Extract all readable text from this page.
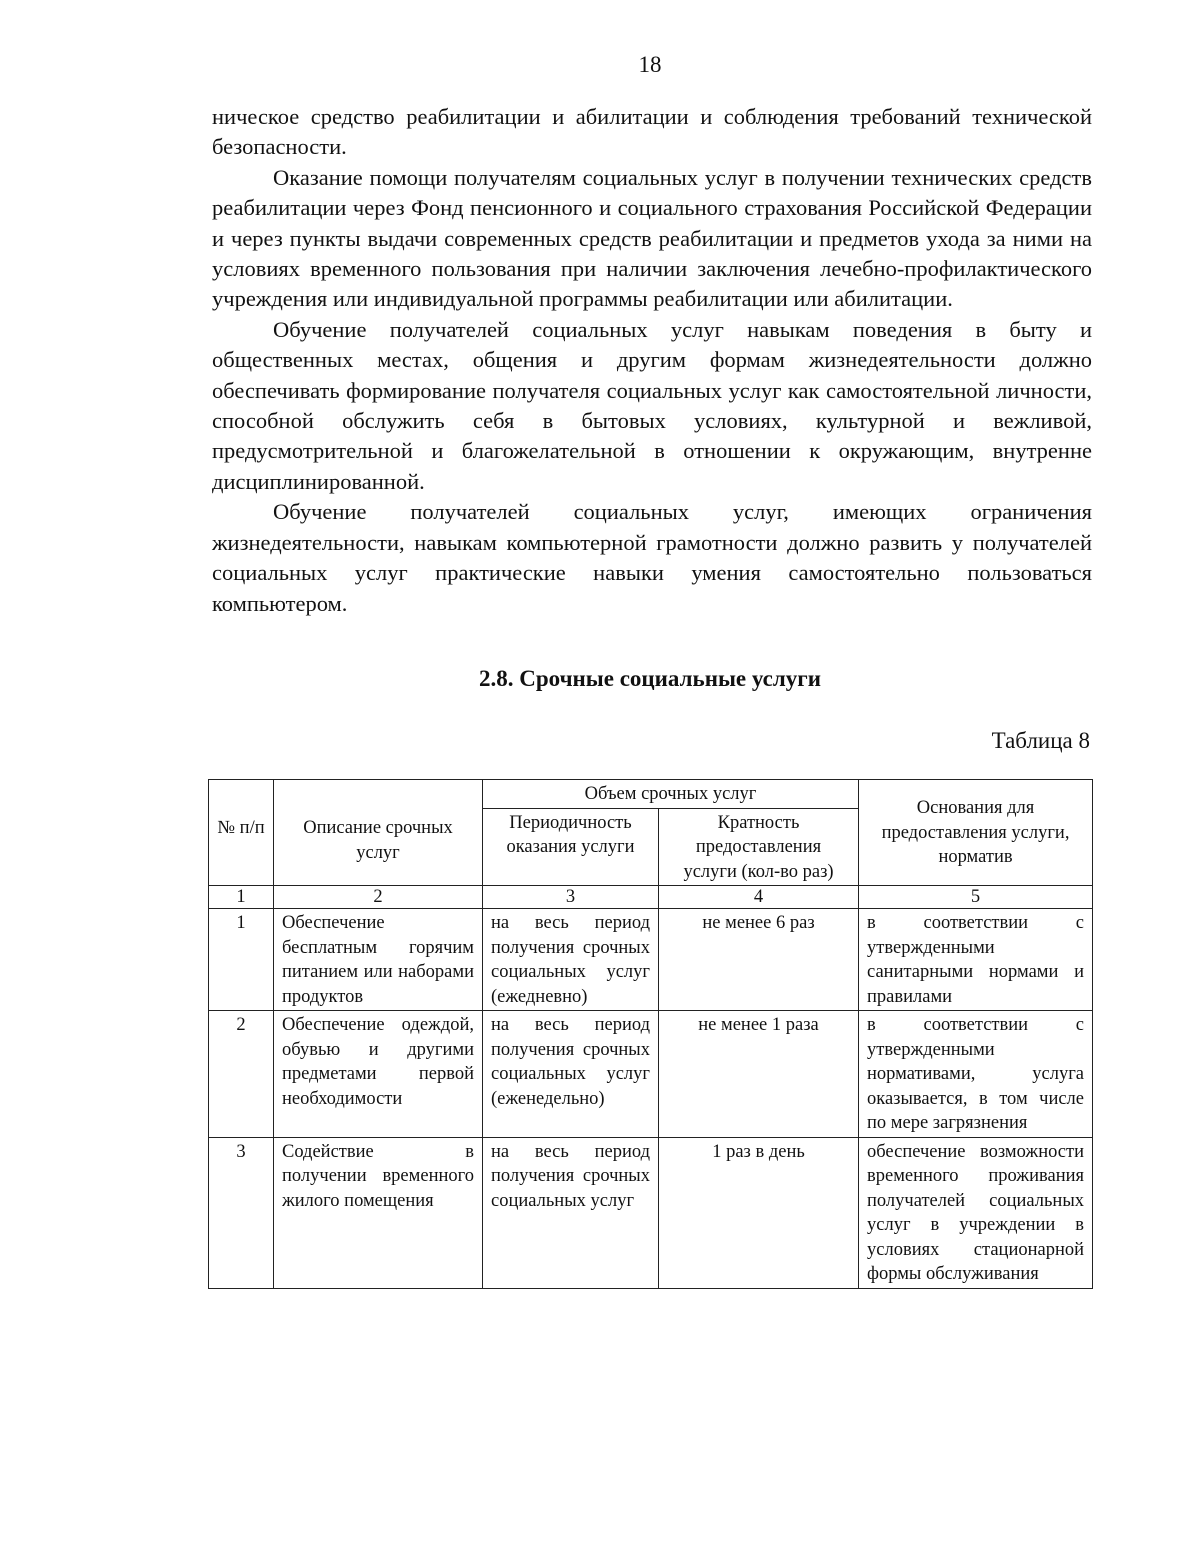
18

ническое средство реабилитации и абилитации и соблюдения требований технической безопасности.

Оказание помощи получателям социальных услуг в получении технических средств реабилитации через Фонд пенсионного и социального страхования Российской Федерации и через пункты выдачи современных средств реабилитации и предметов ухода за ними на условиях временного пользования при наличии заключения лечебно-профилактического учреждения или индивидуальной программы реабилитации или абилитации.

Обучение получателей социальных услуг навыкам поведения в быту и общественных местах, общения и другим формам жизнедеятельности должно обеспечивать формирование получателя социальных услуг как самостоятельной личности, способной обслужить себя в бытовых условиях, культурной и вежливой, предусмотрительной и благожелательной в отношении к окружающим, внутренне дисциплинированной.

Обучение получателей социальных услуг, имеющих ограничения жизнедеятельности, навыкам компьютерной грамотности должно развить у получателей социальных услуг практические навыки умения самостоятельно пользоваться компьютером.

2.8. Срочные социальные услуги
Таблица 8
№ п/п	Описание срочных услуг	Объем срочных услуг		Основания для предоставления услуги, норматив
		Периодичность оказания услуги	Кратность предоставления услуги (кол-во раз)	
1	2	3	4	5
1	Обеспечение бесплатным горячим питанием или наборами продуктов	на весь период получения срочных социальных услуг (ежедневно)	не менее 6 раз	в соответствии с утвержденными санитарными нормами и правилами
2	Обеспечение одеждой, обувью и другими предметами первой необходимости	на весь период получения срочных социальных услуг (еженедельно)	не менее 1 раза	в соответствии с утвержденными нормативами, услуга оказывается, в том числе по мере загрязнения
3	Содействие в получении временного жилого помещения	на весь период получения срочных социальных услуг	1 раз в день	обеспечение возможности временного проживания получателей социальных услуг в учреждении в условиях стационарной формы обслуживания
